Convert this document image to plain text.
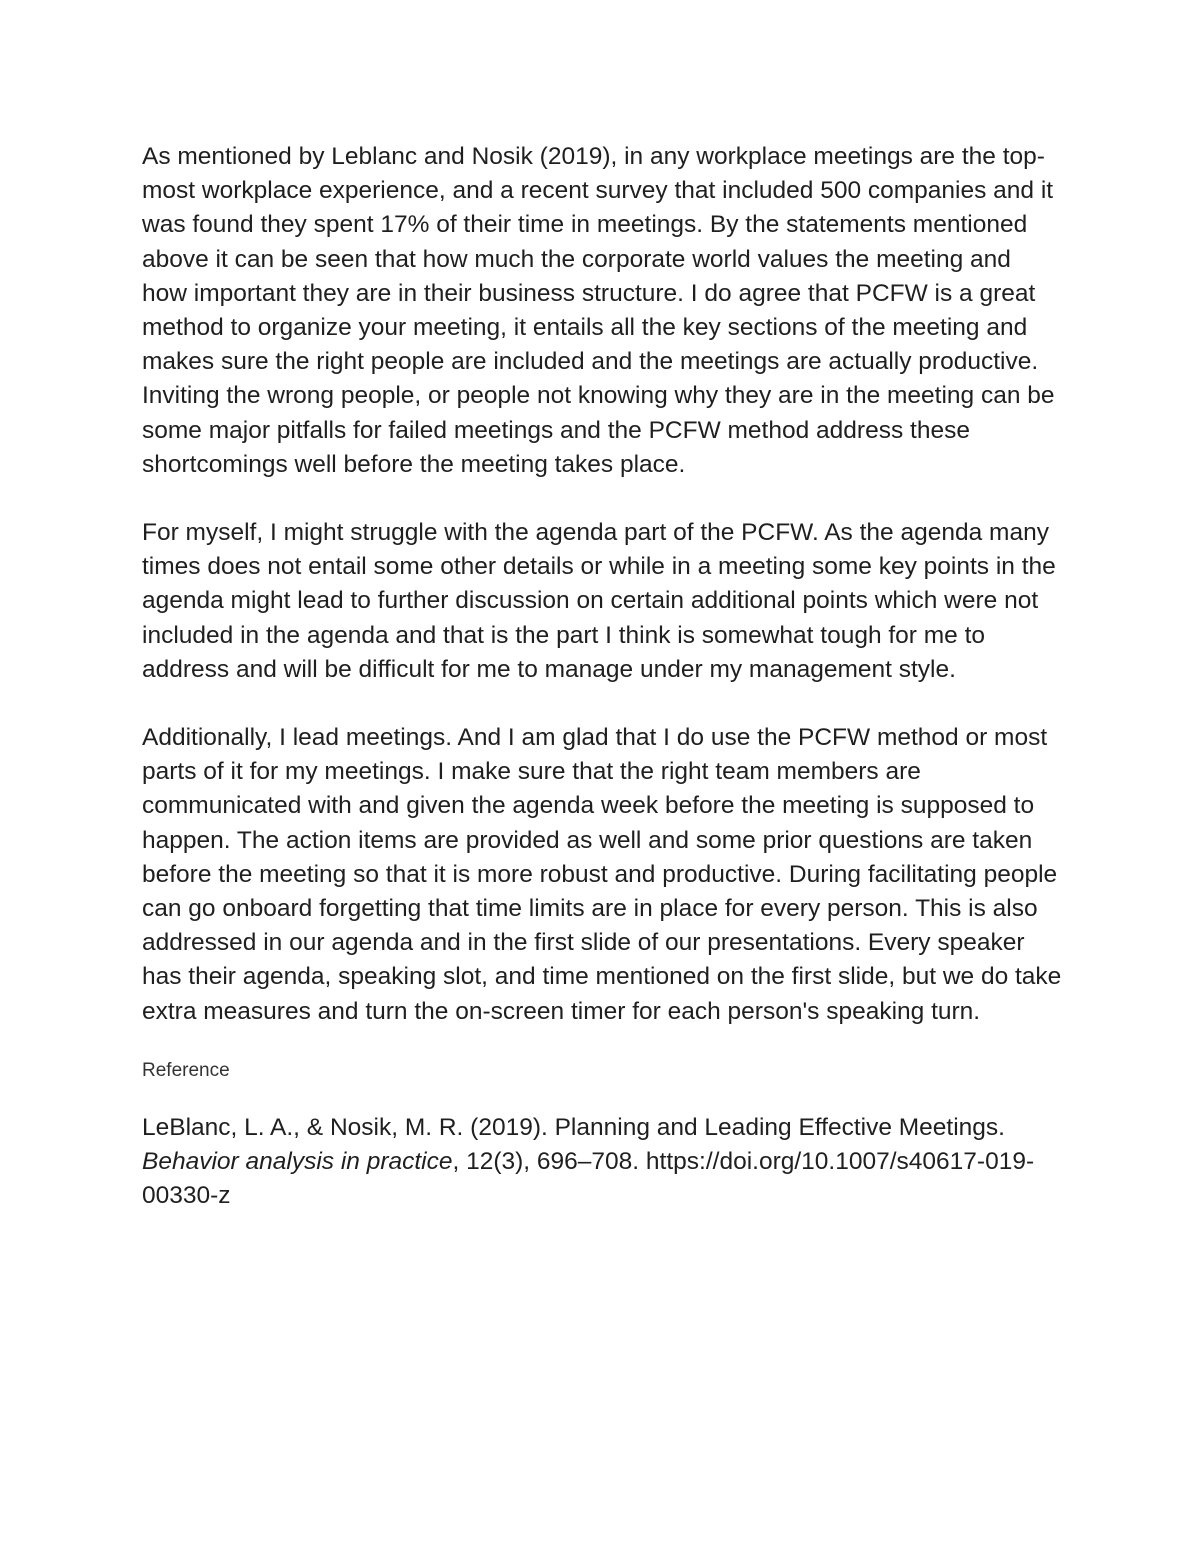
As mentioned by Leblanc and Nosik (2019), in any workplace meetings are the top-most workplace experience, and a recent survey that included 500 companies and it was found they spent 17% of their time in meetings. By the statements mentioned above it can be seen that how much the corporate world values the meeting and how important they are in their business structure. I do agree that PCFW is a great method to organize your meeting, it entails all the key sections of the meeting and makes sure the right people are included and the meetings are actually productive. Inviting the wrong people, or people not knowing why they are in the meeting can be some major pitfalls for failed meetings and the PCFW method address these shortcomings well before the meeting takes place.

For myself, I might struggle with the agenda part of the PCFW. As the agenda many times does not entail some other details or while in a meeting some key points in the agenda might lead to further discussion on certain additional points which were not included in the agenda and that is the part I think is somewhat tough for me to address and will be difficult for me to manage under my management style.

Additionally, I lead meetings. And I am glad that I do use the PCFW method or most parts of it for my meetings. I make sure that the right team members are communicated with and given the agenda week before the meeting is supposed to happen. The action items are provided as well and some prior questions are taken before the meeting so that it is more robust and productive. During facilitating people can go onboard forgetting that time limits are in place for every person. This is also addressed in our agenda and in the first slide of our presentations. Every speaker has their agenda, speaking slot, and time mentioned on the first slide, but we do take extra measures and turn the on-screen timer for each person's speaking turn.

Reference

LeBlanc, L. A., & Nosik, M. R. (2019). Planning and Leading Effective Meetings. Behavior analysis in practice, 12(3), 696–708. https://doi.org/10.1007/s40617-019-00330-z
